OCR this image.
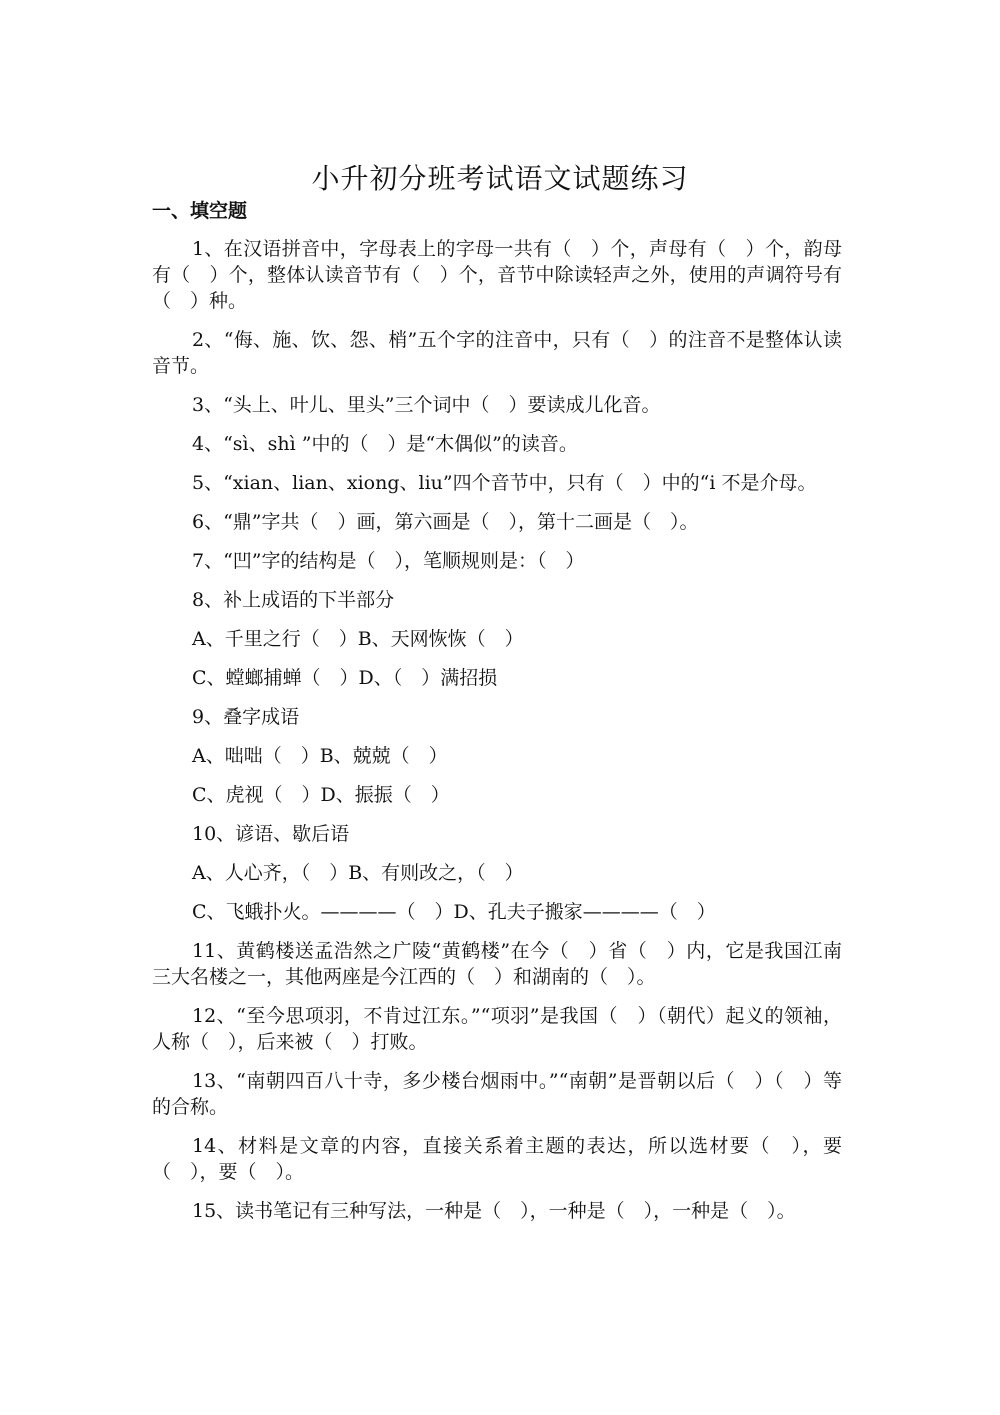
小升初分班考试语文试题练习
一、填空题

1、在汉语拼音中，字母表上的字母一共有（　）个，声母有（　）个，韵母有（　）个，整体认读音节有（　）个，音节中除读轻声之外，使用的声调符号有（　）种。

2、“侮、施、饮、怨、梢”五个字的注音中，只有（　）的注音不是整体认读音节。

3、“头上、叶儿、里头”三个词中（　）要读成儿化音。

4、“sì、shì ”中的（　）是“木偶似”的读音。

5、“xian、lian、xiong、liu”四个音节中，只有（　）中的“i 不是介母。

6、“鼎”字共（　）画，第六画是（　），第十二画是（　）。

7、“凹”字的结构是（　），笔顺规则是：（　）

8、补上成语的下半部分

A、千里之行（　）B、天网恢恢（　）

C、螳螂捕蝉（　）D、（　）满招损

9、叠字成语

A、咄咄（　）B、兢兢（　）

C、虎视（　）D、振振（　）

10、谚语、歇后语

A、人心齐，（　）B、有则改之，（　）

C、飞蛾扑火。————（　）D、孔夫子搬家————（　）

11、黄鹤楼送孟浩然之广陵“黄鹤楼”在今（　）省（　）内，它是我国江南三大名楼之一，其他两座是今江西的（　）和湖南的（　）。

12、“至今思项羽，不肯过江东。”“项羽”是我国（　）（朝代）起义的领袖，人称（　），后来被（　）打败。

13、“南朝四百八十寺，多少楼台烟雨中。”“南朝”是晋朝以后（　）（　）等的合称。

14、材料是文章的内容，直接关系着主题的表达，所以选材要（　），要（　），要（　）。

15、读书笔记有三种写法，一种是（　），一种是（　），一种是（　）。
